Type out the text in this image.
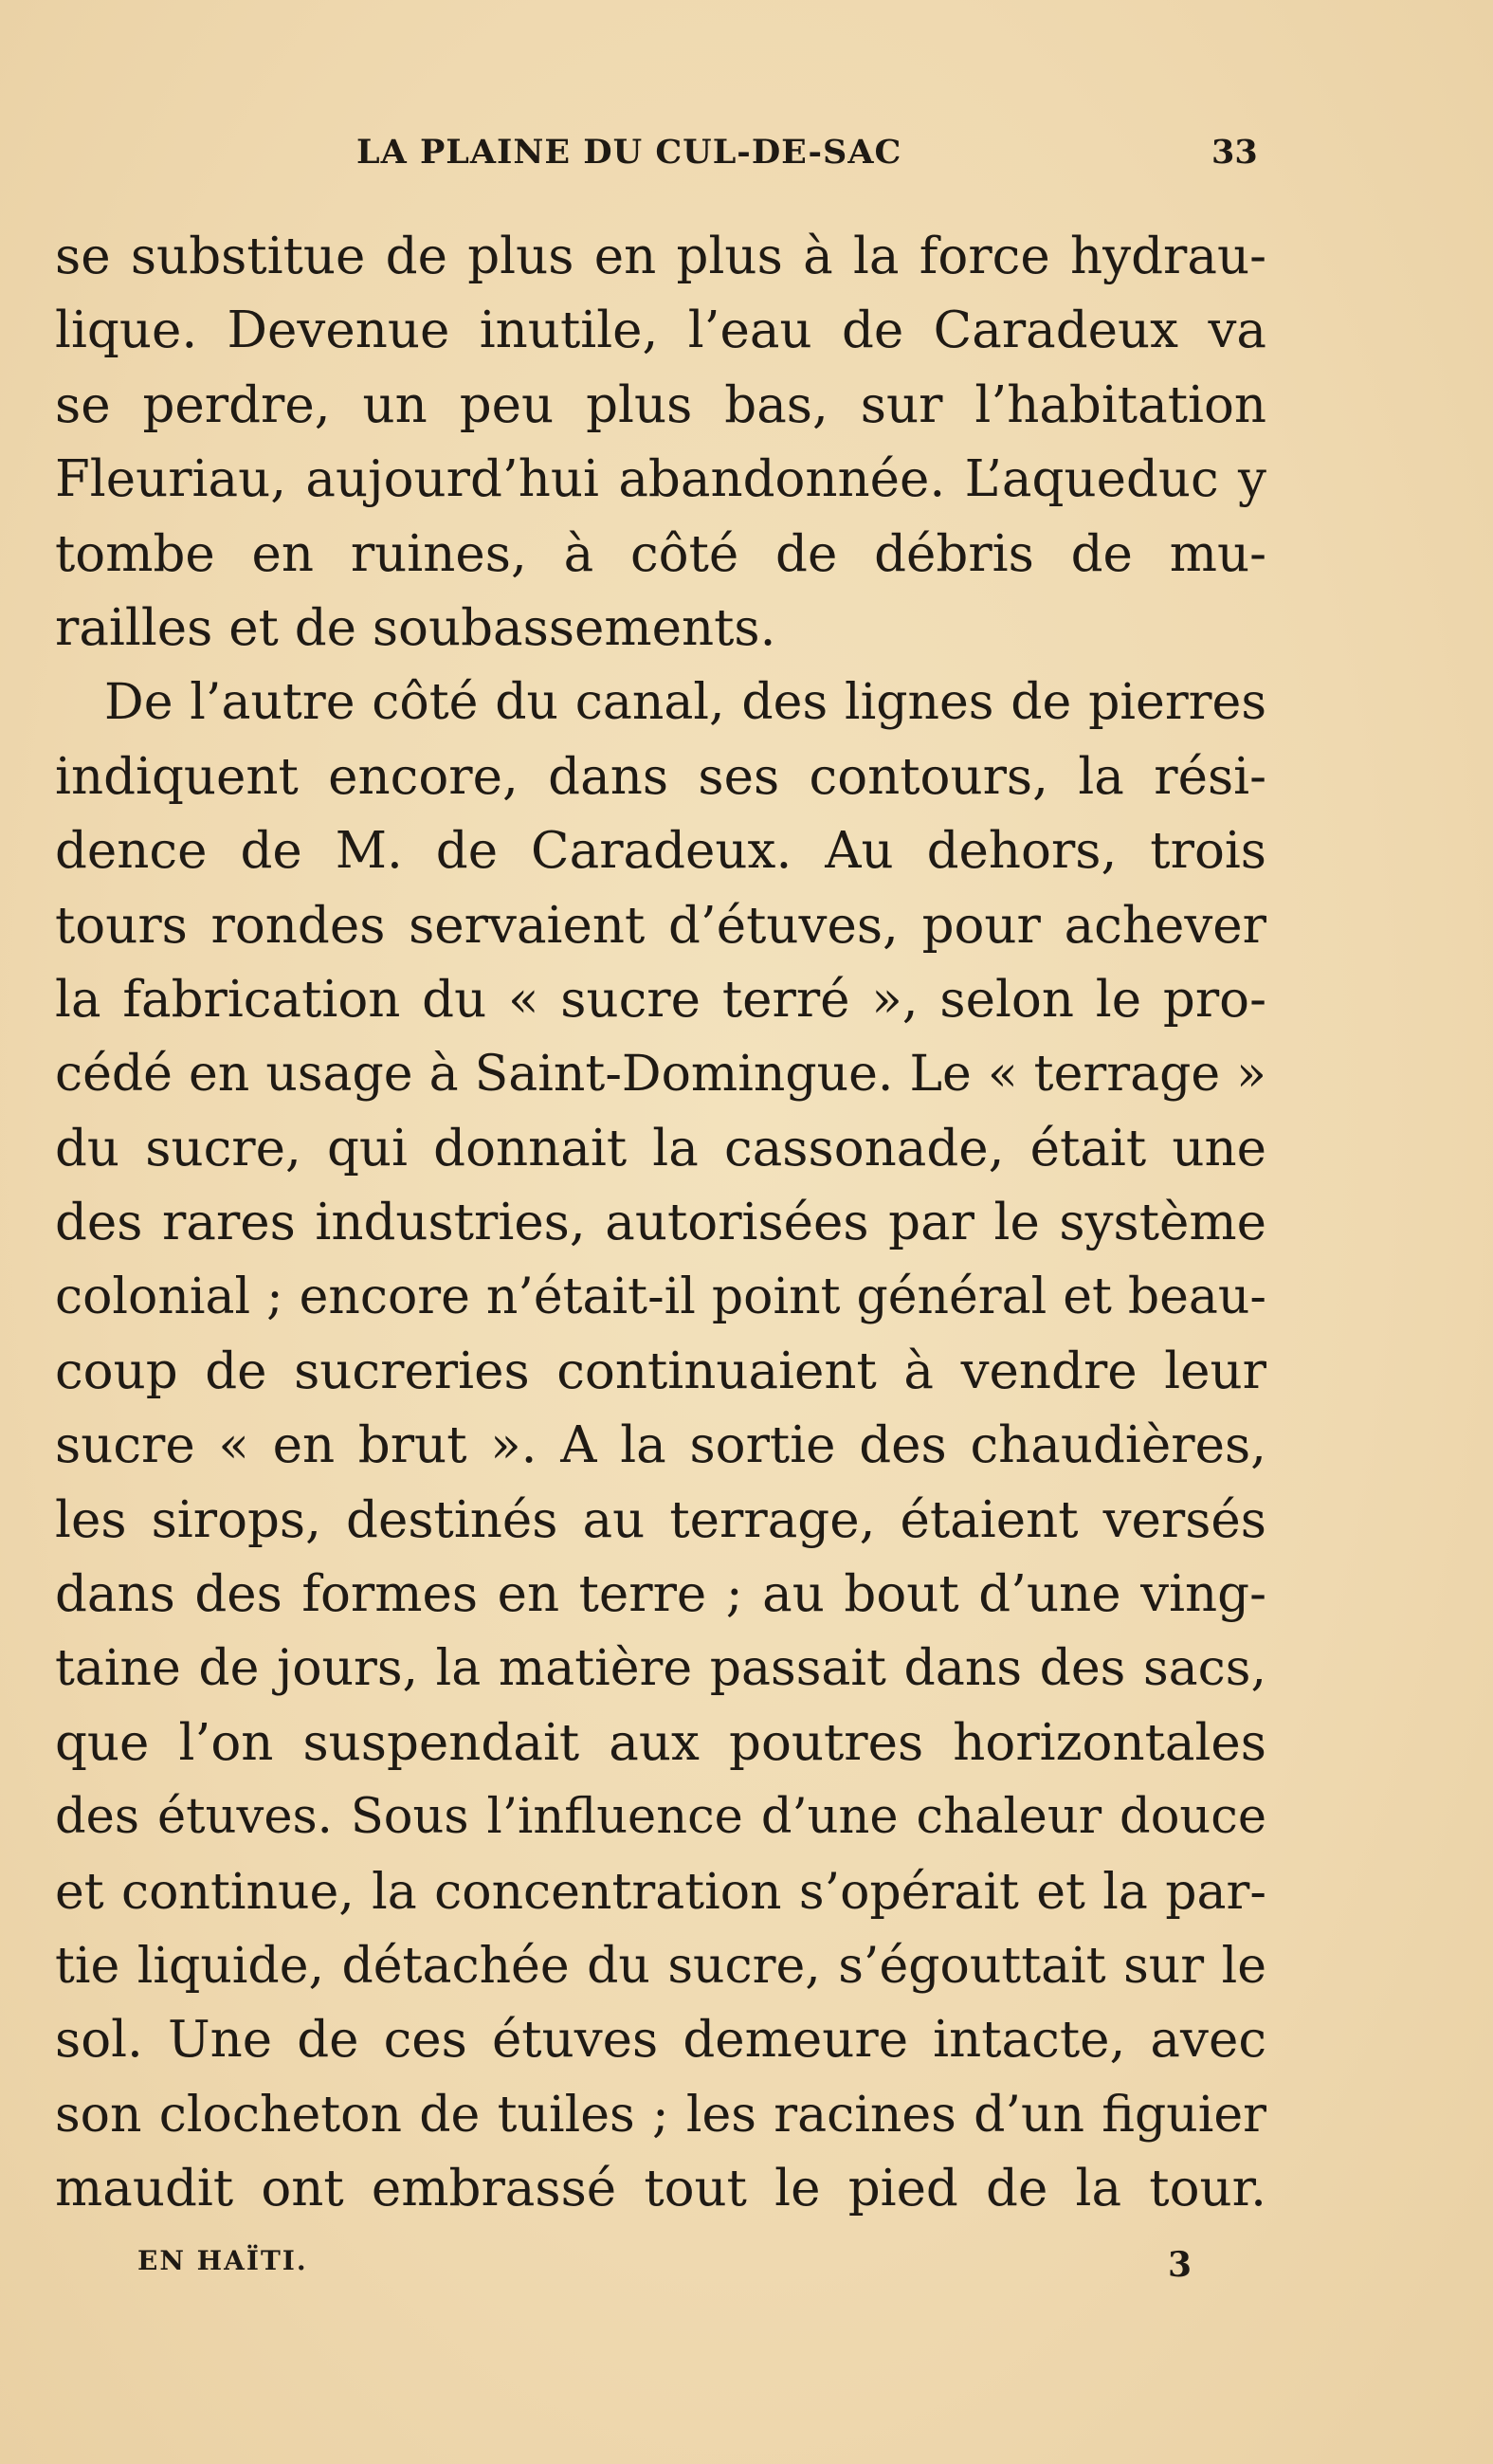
LA PLAINE DU CUL-DE-SAC	33
se substitue de plus en plus à la force hydrau-
lique. Devenue inutile, l’eau de Caradeux va
se perdre, un peu plus bas, sur l’habitation
Fleuriau, aujourd’hui abandonnée. L’aqueduc y
tombe en ruines, à côté de débris de mu-
railles et de soubassements.
De l’autre côté du canal, des lignes de pierres
indiquent encore, dans ses contours, la rési-
dence de M. de Caradeux. Au dehors, trois
tours rondes servaient d’étuves, pour achever
la fabrication du « sucre terré », selon le pro-
cédé en usage à Saint-Domingue. Le « terrage »
du sucre, qui donnait la cassonade, était une
des rares industries, autorisées par le système
colonial ; encore n’était-il point général et beau-
coup de sucreries continuaient à vendre leur
sucre « en brut ». A la sortie des chaudières,
les sirops, destinés au terrage, étaient versés
dans des formes en terre ; au bout d’une ving-
taine de jours, la matière passait dans des sacs,
que l’on suspendait aux poutres horizontales
des étuves. Sous l’influence d’une chaleur douce
et continue, la concentration s’opérait et la par-
tie liquide, détachée du sucre, s’égouttait sur le
sol. Une de ces étuves demeure intacte, avec
son clocheton de tuiles ; les racines d’un figuier
maudit ont embrassé tout le pied de la tour.
EN HAÏTI.	3
